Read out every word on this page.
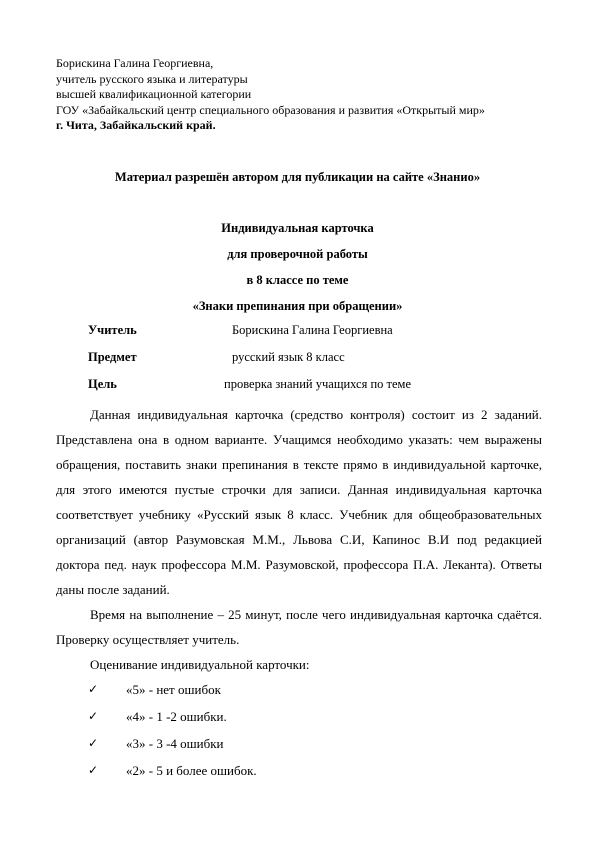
Борискина Галина Георгиевна,
учитель русского языка и литературы
высшей квалификационной категории
ГОУ «Забайкальский центр специального образования и развития «Открытый мир»
г. Чита, Забайкальский край.
Материал разрешён автором для публикации на сайте «Знанио»
Индивидуальная карточка
для проверочной работы
в 8 классе по теме
«Знаки препинания при обращении»
Учитель	Борискина Галина Георгиевна
Предмет	русский язык 8 класс
Цель	проверка знаний учащихся по теме
Данная индивидуальная карточка (средство контроля) состоит из 2 заданий. Представлена она в одном варианте. Учащимся необходимо указать: чем выражены обращения, поставить знаки препинания в тексте прямо в индивидуальной карточке, для этого имеются пустые строчки для записи. Данная индивидуальная карточка соответствует учебнику «Русский язык 8 класс. Учебник для общеобразовательных организаций (автор Разумовская М.М., Львова С.И, Капинос В.И под редакцией доктора пед. наук профессора М.М. Разумовской, профессора П.А. Леканта). Ответы даны после заданий.
Время на выполнение – 25 минут, после чего индивидуальная карточка сдаётся. Проверку осуществляет учитель.
Оценивание индивидуальной карточки:
✓ «5» - нет ошибок
✓ «4» - 1 -2 ошибки.
✓ «3» - 3 -4 ошибки
✓ «2» - 5 и более ошибок.
